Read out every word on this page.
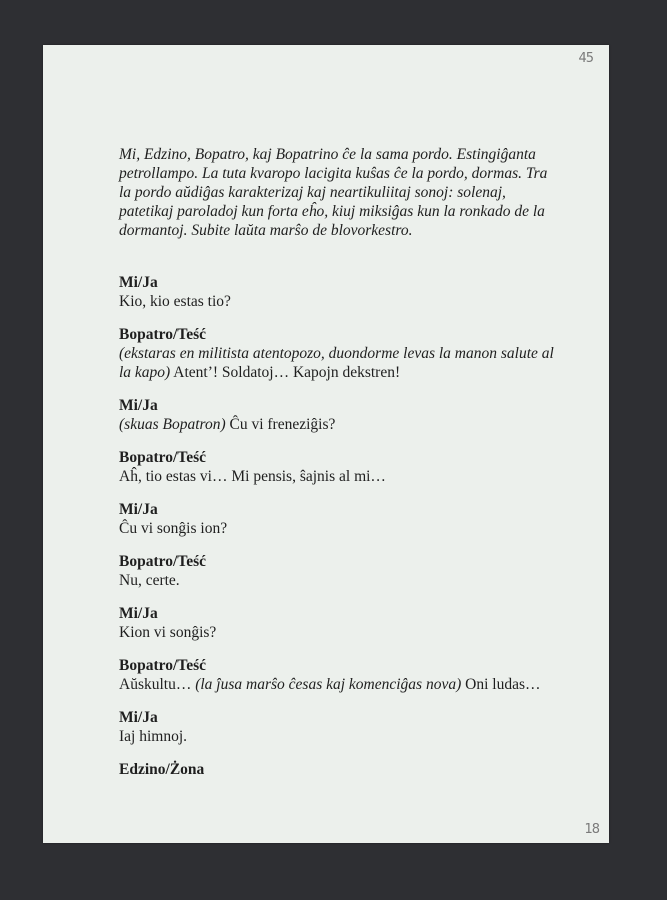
45

Mi, Edzino, Bopatro, kaj Bopatrino ĉe la sama pordo. Estingiĝanta petrollampo. La tuta kvaropo lacigita kuŝas ĉe la pordo, dormas. Tra la pordo aŭdiĝas karakterizaj kaj neartikuliitaj sonoj: solenaj, patetikaj paroladoj kun forta eĥo, kiuj miksiĝas kun la ronkado de la dormantoj. Subite laŭta marŝo de blovorkestro.

Mi/Ja
Kio, kio estas tio?
Bopatro/Teść
(ekstaras en militista atentopozo, duondorme levas la manon salute al la kapo) Atent’! Soldatoj… Kapojn dekstren!
Mi/Ja
(skuas Bopatron) Ĉu vi freneziĝis?
Bopatro/Teść
Aĥ, tio estas vi… Mi pensis, ŝajnis al mi…
Mi/Ja
Ĉu vi sonĝis ion?
Bopatro/Teść
Nu, certe.
Mi/Ja
Kion vi sonĝis?
Bopatro/Teść
Aŭskultu… (la ĵusa marŝo ĉesas kaj komenciĝas nova) Oni ludas…
Mi/Ja
Iaj himnoj.
Edzino/Żona
18
